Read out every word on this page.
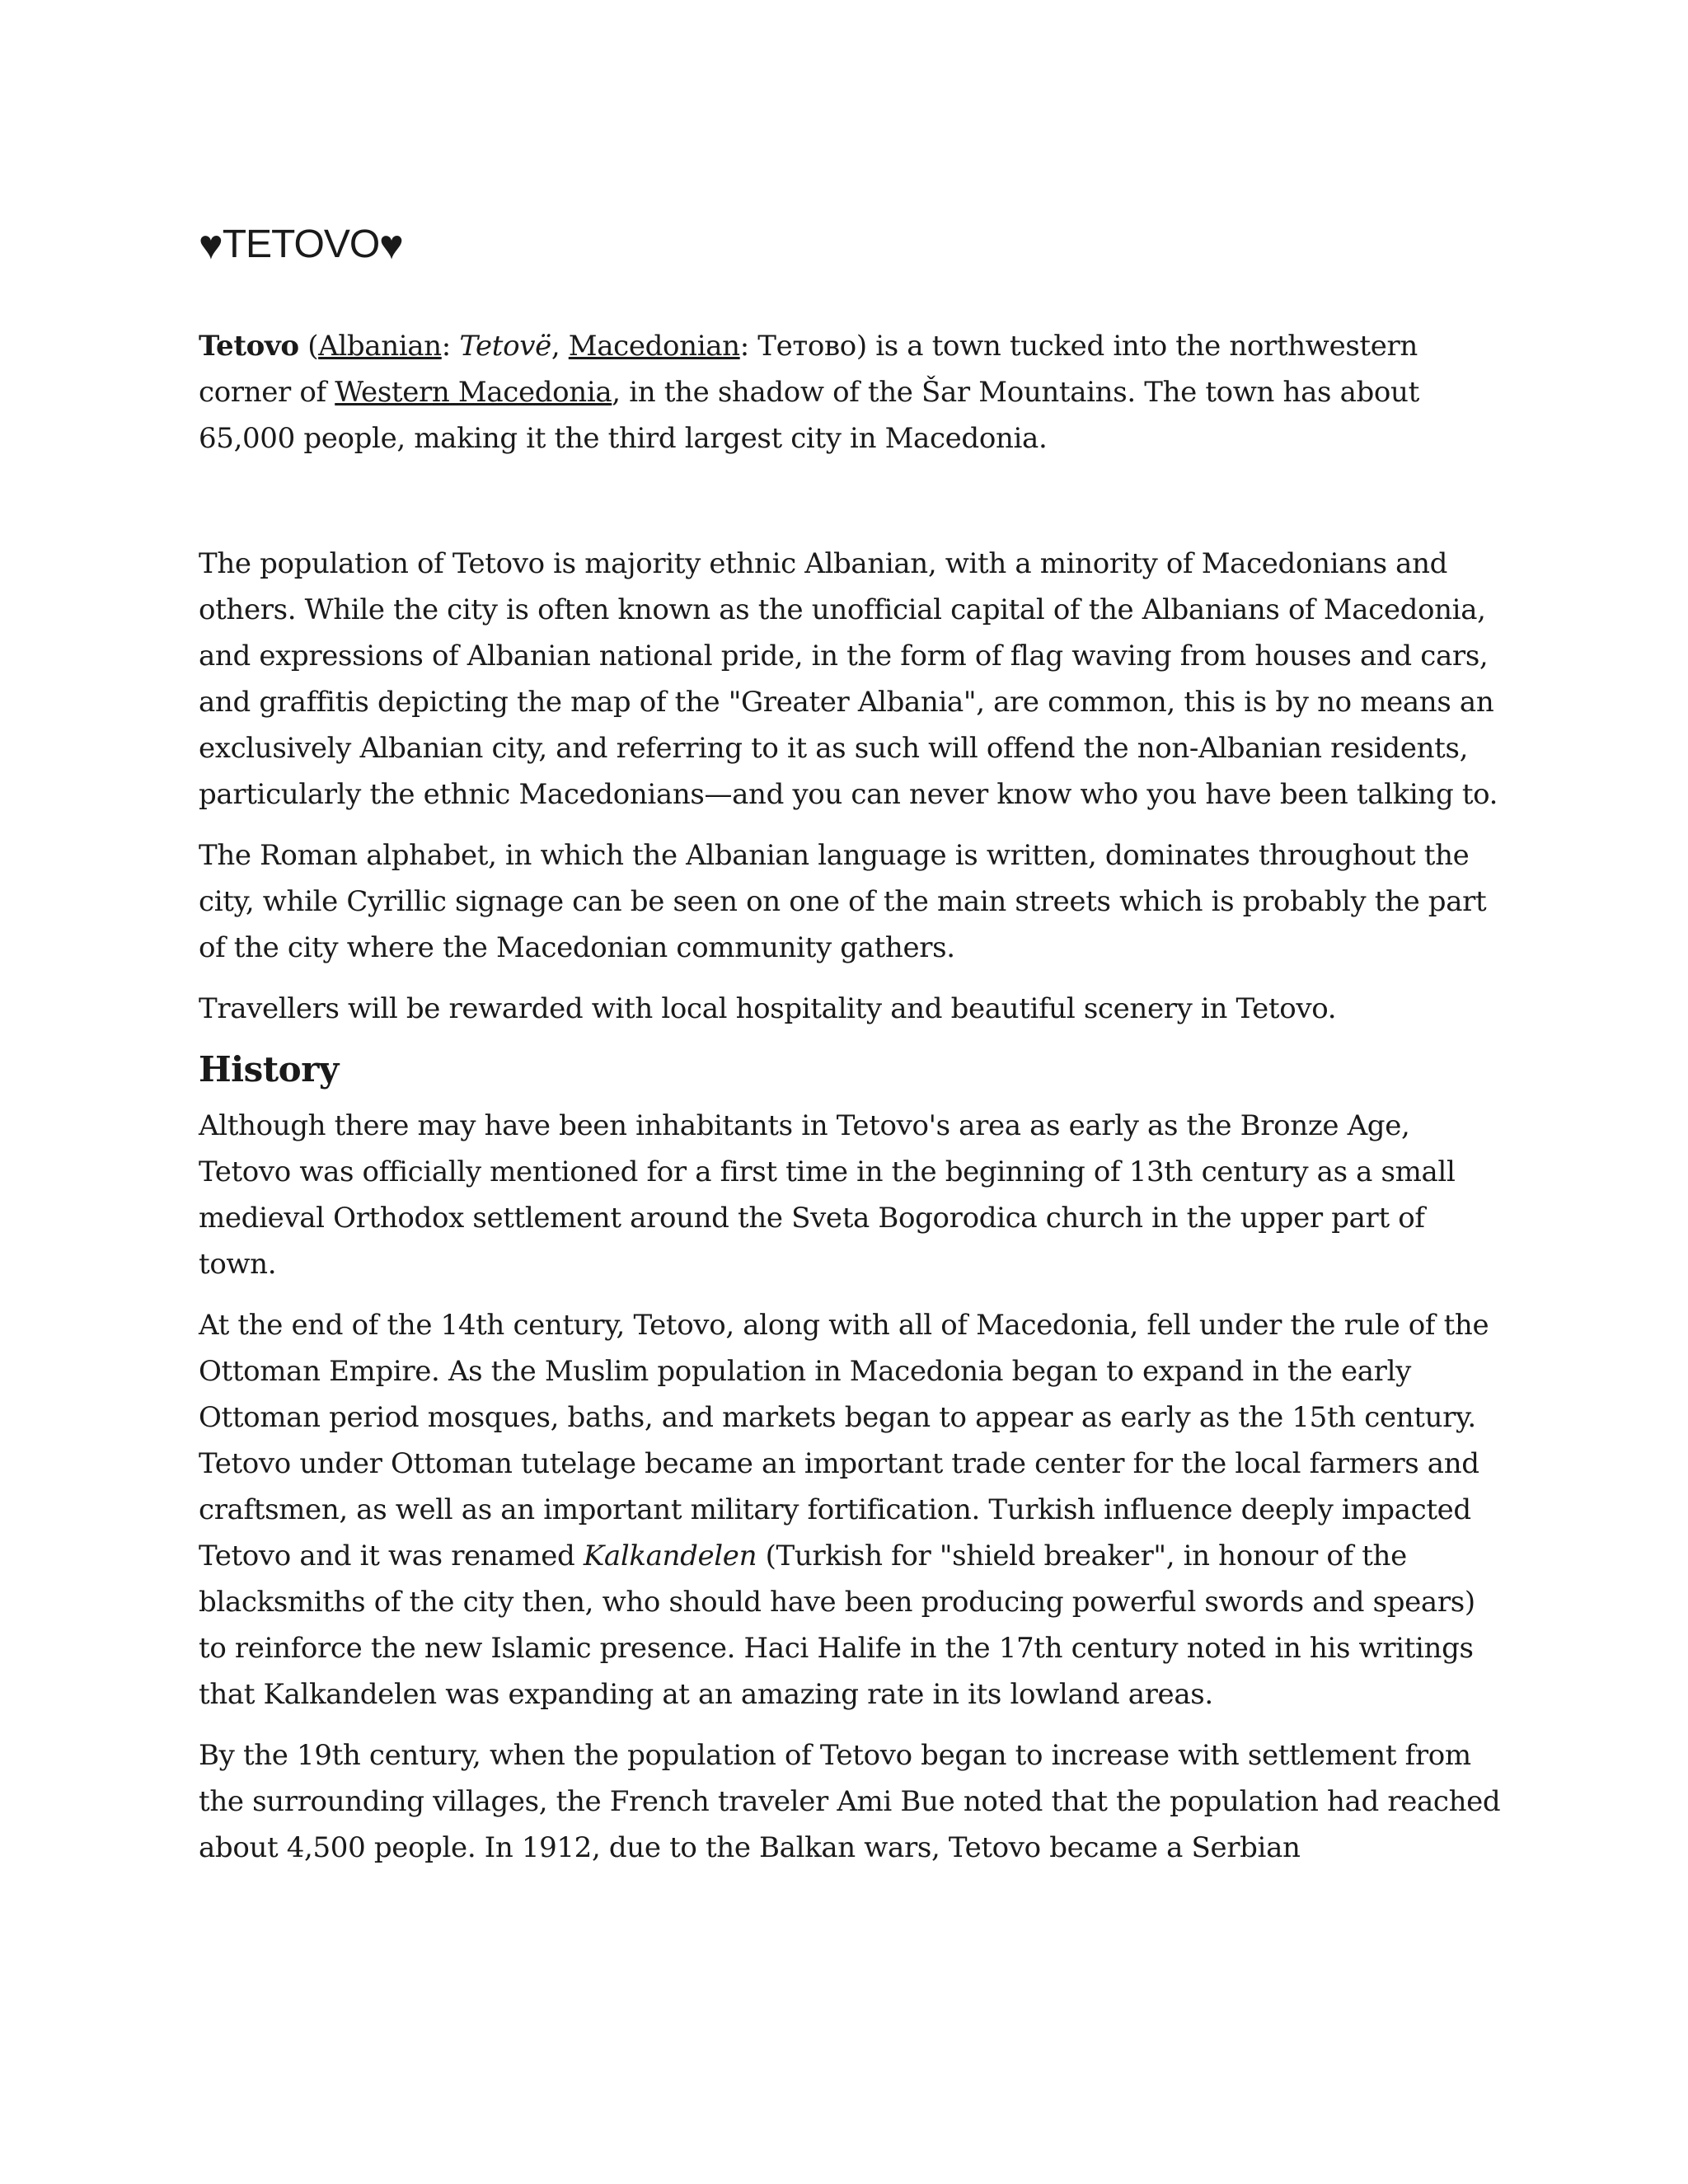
♥ TETOVO ♥

Tetovo (Albanian: Tetovë, Macedonian: Тетово) is a town tucked into the northwestern corner of Western Macedonia, in the shadow of the Šar Mountains. The town has about 65,000 people, making it the third largest city in Macedonia.

The population of Tetovo is majority ethnic Albanian, with a minority of Macedonians and others. While the city is often known as the unofficial capital of the Albanians of Macedonia, and expressions of Albanian national pride, in the form of flag waving from houses and cars, and graffitis depicting the map of the "Greater Albania", are common, this is by no means an exclusively Albanian city, and referring to it as such will offend the non-Albanian residents, particularly the ethnic Macedonians—and you can never know who you have been talking to.

The Roman alphabet, in which the Albanian language is written, dominates throughout the city, while Cyrillic signage can be seen on one of the main streets which is probably the part of the city where the Macedonian community gathers.

Travellers will be rewarded with local hospitality and beautiful scenery in Tetovo.

History

Although there may have been inhabitants in Tetovo's area as early as the Bronze Age, Tetovo was officially mentioned for a first time in the beginning of 13th century as a small medieval Orthodox settlement around the Sveta Bogorodica church in the upper part of town.

At the end of the 14th century, Tetovo, along with all of Macedonia, fell under the rule of the Ottoman Empire. As the Muslim population in Macedonia began to expand in the early Ottoman period mosques, baths, and markets began to appear as early as the 15th century. Tetovo under Ottoman tutelage became an important trade center for the local farmers and craftsmen, as well as an important military fortification. Turkish influence deeply impacted Tetovo and it was renamed Kalkandelen (Turkish for "shield breaker", in honour of the blacksmiths of the city then, who should have been producing powerful swords and spears) to reinforce the new Islamic presence. Haci Halife in the 17th century noted in his writings that Kalkandelen was expanding at an amazing rate in its lowland areas.

By the 19th century, when the population of Tetovo began to increase with settlement from the surrounding villages, the French traveler Ami Bue noted that the population had reached about 4,500 people. In 1912, due to the Balkan wars, Tetovo became a Serbian
